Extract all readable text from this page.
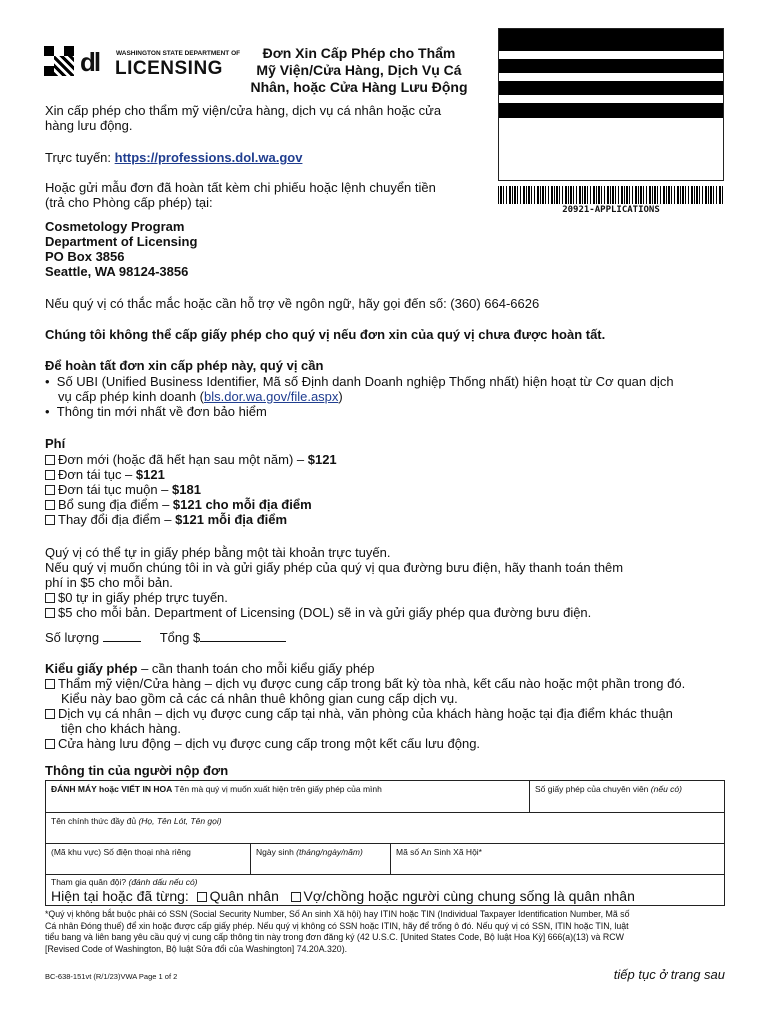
dl	WASHINGTON STATE DEPARTMENT OF
LICENSING
Đơn Xin Cấp Phép cho Thẩm
Mỹ Viện/Cửa Hàng, Dịch Vụ Cá
Nhân, hoặc Cửa Hàng Lưu Động
20921-APPLICATIONS
Xin cấp phép cho thẩm mỹ viện/cửa hàng, dịch vụ cá nhân hoặc cửa
hàng lưu động.
Trực tuyến: https://professions.dol.wa.gov
Hoặc gửi mẫu đơn đã hoàn tất kèm chi phiếu hoặc lệnh chuyển tiền
(trả cho Phòng cấp phép) tại:
Cosmetology Program
Department of Licensing
PO Box 3856
Seattle, WA 98124-3856
Nếu quý vị có thắc mắc hoặc cần hỗ trợ về ngôn ngữ, hãy gọi đến số: (360) 664-6626
Chúng tôi không thể cấp giấy phép cho quý vị nếu đơn xin của quý vị chưa được hoàn tất.
Để hoàn tất đơn xin cấp phép này, quý vị cần
•  Số UBI (Unified Business Identifier, Mã số Định danh Doanh nghiệp Thống nhất) hiện hoạt từ Cơ quan dịch
vụ cấp phép kinh doanh (bls.dor.wa.gov/file.aspx)
•  Thông tin mới nhất về đơn bảo hiểm
Phí
Đơn mới (hoặc đã hết hạn sau một năm) – $121
Đơn tái tục – $121
Đơn tái tục muộn – $181
Bổ sung địa điểm – $121 cho mỗi địa điểm
Thay đổi địa điểm – $121 mỗi địa điểm
Quý vị có thể tự in giấy phép bằng một tài khoản trực tuyến.
Nếu quý vị muốn chúng tôi in và gửi giấy phép của quý vị qua đường bưu điện, hãy thanh toán thêm
phí in $5 cho mỗi bản.
$0 tự in giấy phép trực tuyến.
$5 cho mỗi bản. Department of Licensing (DOL) sẽ in và gửi giấy phép qua đường bưu điện.
Số lượng	Tổng $
Kiểu giấy phép – cần thanh toán cho mỗi kiểu giấy phép
Thẩm mỹ viện/Cửa hàng – dịch vụ được cung cấp trong bất kỳ tòa nhà, kết cấu nào hoặc một phần trong đó.
Kiểu này bao gồm cả các cá nhân thuê không gian cung cấp dịch vụ.
Dịch vụ cá nhân – dịch vụ được cung cấp tại nhà, văn phòng của khách hàng hoặc tại địa điểm khác thuận
tiện cho khách hàng.
Cửa hàng lưu động – dịch vụ được cung cấp trong một kết cấu lưu động.
Thông tin của người nộp đơn
ĐÁNH MÁY hoặc VIẾT IN HOA Tên mà quý vị muốn xuất hiện trên giấy phép của mình	Số giấy phép của chuyên viên (nếu có)
Tên chính thức đầy đủ (Họ, Tên Lót, Tên gọi)
(Mã khu vực) Số điện thoại nhà riêng	Ngày sinh (tháng/ngày/năm)	Mã số An Sinh Xã Hội*
Tham gia quân đội? (đánh dấu nếu có)
Hiện tại hoặc đã từng: Quân nhân Vợ/chồng hoặc người cùng chung sống là quân nhân
*Quý vị không bắt buộc phải có SSN (Social Security Number, Số An sinh Xã hội) hay ITIN hoặc TIN (Individual Taxpayer Identification Number, Mã số
Cá nhân Đóng thuế) để xin hoặc được cấp giấy phép. Nếu quý vị không có SSN hoặc ITIN, hãy để trống ô đó. Nếu quý vị có SSN, ITIN hoặc TIN, luật
tiểu bang và liên bang yêu cầu quý vị cung cấp thông tin này trong đơn đăng ký (42 U.S.C. [United States Code, Bộ luật Hoa Kỳ] 666(a)(13) và RCW
[Revised Code of Washington, Bộ luật Sửa đổi của Washington] 74.20A.320).
BC-638-151vt (R/1/23)VWA Page 1 of 2	tiếp tục ở trang sau
